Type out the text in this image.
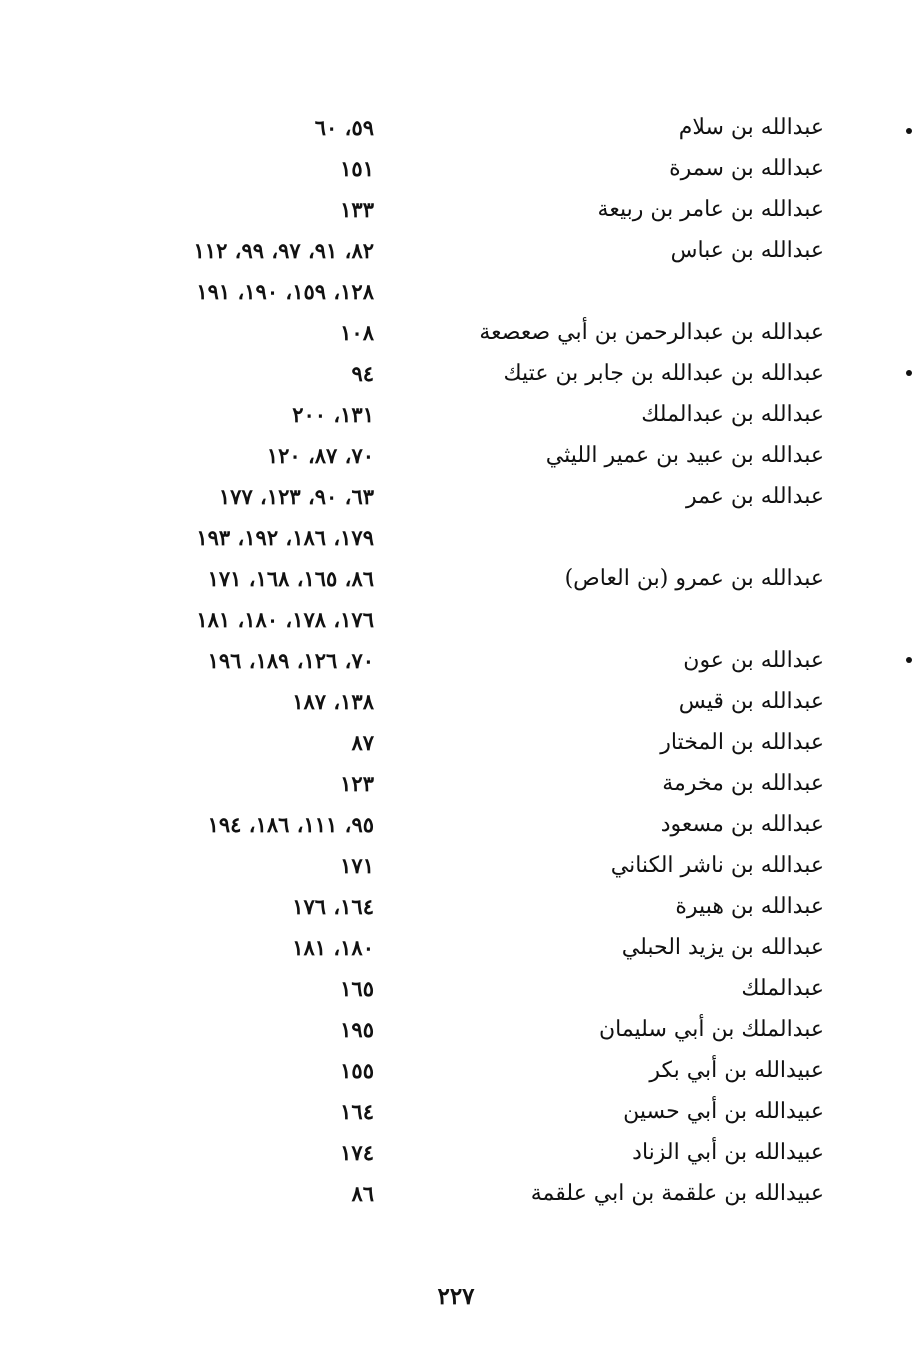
عبدالله بن سلام
٥٩، ٦٠
عبدالله بن سمرة
١٥١
عبدالله بن عامر بن ربيعة
١٣٣
عبدالله بن عباس
٨٢، ٩١، ٩٧، ٩٩، ١١٢
١٢٨، ١٥٩، ١٩٠، ١٩١
عبدالله بن عبدالرحمن بن أبي صعصعة
١٠٨
عبدالله بن عبدالله بن جابر بن عتيك
٩٤
عبدالله بن عبدالملك
١٣١، ٢٠٠
عبدالله بن عبيد بن عمير الليثي
٧٠، ٨٧، ١٢٠
عبدالله بن عمر
٦٣، ٩٠، ١٢٣، ١٧٧
١٧٩، ١٨٦، ١٩٢، ١٩٣
عبدالله بن عمرو (بن العاص)
٨٦، ١٦٥، ١٦٨، ١٧١
١٧٦، ١٧٨، ١٨٠، ١٨١
عبدالله بن عون
٧٠، ١٢٦، ١٨٩، ١٩٦
عبدالله بن قيس
١٣٨، ١٨٧
عبدالله بن المختار
٨٧
عبدالله بن مخرمة
١٢٣
عبدالله بن مسعود
٩٥، ١١١، ١٨٦، ١٩٤
عبدالله بن ناشر الكناني
١٧١
عبدالله بن هبيرة
١٦٤، ١٧٦
عبدالله بن يزيد الحبلي
١٨٠، ١٨١
عبدالملك
١٦٥
عبدالملك بن أبي سليمان
١٩٥
عبيدالله بن أبي بكر
١٥٥
عبيدالله بن أبي حسين
١٦٤
عبيدالله بن أبي الزناد
١٧٤
عبيدالله بن علقمة بن ابي علقمة
٨٦
٢٢٧
